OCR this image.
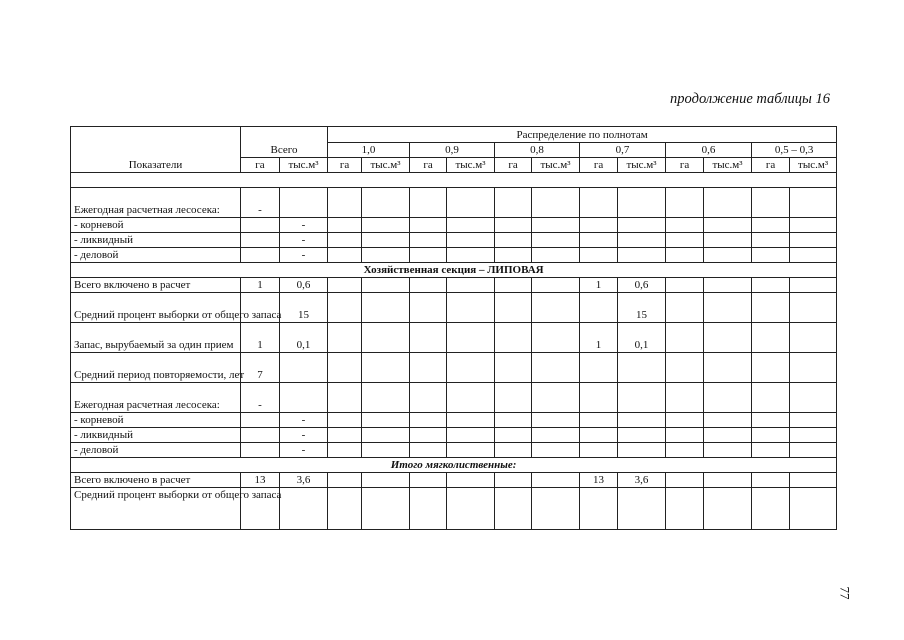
продолжение таблицы 16
Показатели	Всего		Распределение по полнотам											
			1,0		0,9		0,8		0,7		0,6		0,5 – 0,3	
	га	тыс.м³	га	тыс.м³	га	тыс.м³	га	тыс.м³	га	тыс.м³	га	тыс.м³	га	тыс.м³

Ежегодная расчетная лесосека:	-													
- корневой		-												
- ликвидный		-												
- деловой		-												
Хозяйственная секция – ЛИПОВАЯ														
Всего включено в расчет	1	0,6							1	0,6				
Средний процент выборки от общего запаса		15								15				
Запас, вырубаемый за один прием	1	0,1							1	0,1				
Средний период повторяемости, лет	7													
Ежегодная расчетная лесосека:	-													
- корневой		-												
- ликвидный		-												
- деловой		-												
Итого мягколиственные:														
Всего включено в расчет	13	3,6							13	3,6				
Средний процент выборки от общего запаса														
77
